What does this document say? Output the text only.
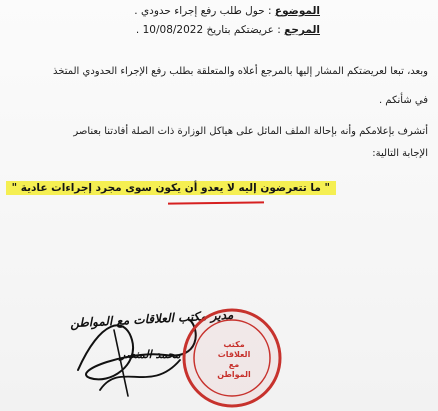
الموضوع : حول طلب رفع إجراء حدودي .
المرجع : عريضتكم بتاريخ 10/08/2022 .
وبعد، تبعا لعريضتكم المشار إليها بالمرجع أعلاه والمتعلقة بطلب رفع الإجراء الحدودي المتخذ
في شأنكم .
أتشرف بإعلامكم وأنه بإحالة الملف الماثل على هياكل الوزارة ذات الصلة أفادتنا بعناصر
الإجابة التالية:
" ما تتعرضون إليه لا يعدو أن يكون سوى مجرد إجراءات عادية "
مدير مكتب العلاقات مع المواطن
محمد المنصر
مكتب
العلاقات
مع
المواطن
